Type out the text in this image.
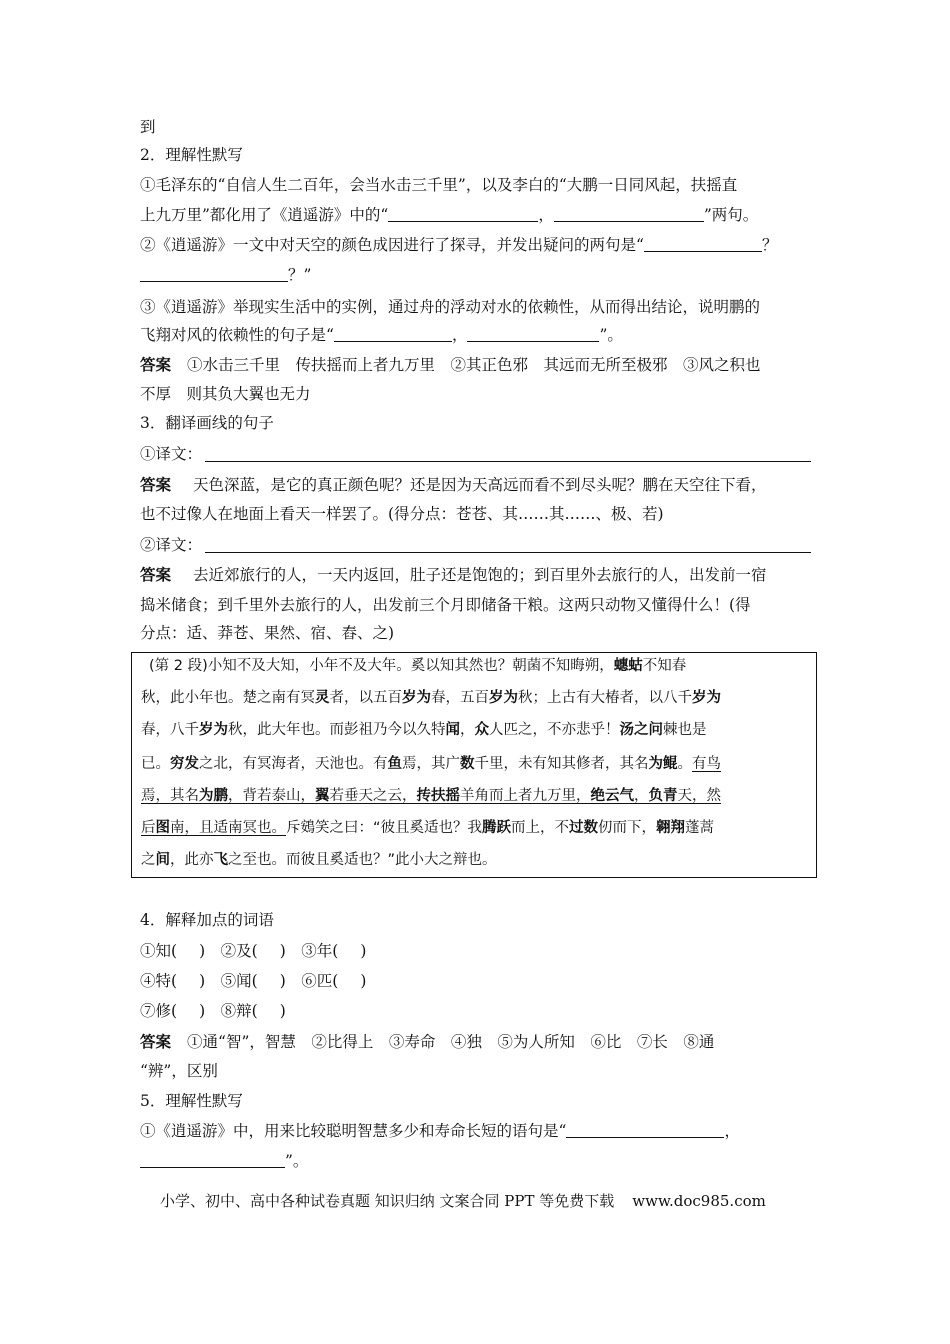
到
2．理解性默写
①毛泽东的“自信人生二百年，会当水击三千里”，以及李白的“大鹏一日同风起，扶摇直
上九万里”都化用了《逍遥游》中的“	，	”两句。
②《逍遥游》一文中对天空的颜色成因进行了探寻，并发出疑问的两句是“	？
？”
③《逍遥游》举现实生活中的实例，通过舟的浮动对水的依赖性，从而得出结论，说明鹏的
飞翔对风的依赖性的句子是“	，	”。
答案 ①水击三千里　传扶摇而上者九万里　②其正色邪　其远而无所至极邪　③风之积也
不厚　则其负大翼也无力
3．翻译画线的句子
①译文：
答案 天色深蓝，是它的真正颜色呢？还是因为天高远而看不到尽头呢？鹏在天空往下看，
也不过像人在地面上看天一样罢了。(得分点：苍苍、其……其……、极、若)
②译文：
答案 去近郊旅行的人，一天内返回，肚子还是饱饱的；到百里外去旅行的人，出发前一宿
捣米储食；到千里外去旅行的人，出发前三个月即储备干粮。这两只动物又懂得什么！(得
分点：适、莽苍、果然、宿、舂、之)
(第 2 段)小知不及大知，小年不及大年。奚以知其然也？朝菌不知晦朔，蟪蛄不知春
秋，此小年也。楚之南有冥灵者，以五百岁为春，五百岁为秋；上古有大椿者，以八千岁为
春，八千岁为秋，此大年也。而彭祖乃今以久特闻，众人匹之，不亦悲乎！汤之问棘也是
已。穷发之北，有冥海者，天池也。有鱼焉，其广数千里，未有知其修者，其名为鲲。有鸟
焉，其名为鹏，背若泰山，翼若垂天之云，抟扶摇羊角而上者九万里，绝云气，负青天，然
后图南，且适南冥也。斥鴳笑之曰：“彼且奚适也？我腾跃而上，不过数仞而下，翱翔蓬蒿
之间，此亦飞之至也。而彼且奚适也？”此小大之辩也。
4．解释加点的词语
①知( )　 ②及( )　 ③年( )
④特( )　 ⑤闻( )　 ⑥匹( )
⑦修( )　 ⑧辩( )
答案 ①通“智”，智慧　②比得上　③寿命　④独　⑤为人所知　⑥比　⑦长　⑧通
“辨”，区别
5．理解性默写
①《逍遥游》中，用来比较聪明智慧多少和寿命长短的语句是“	，
”。
小学、初中、高中各种试卷真题 知识归纳 文案合同 PPT 等免费下载 www.doc985.com
